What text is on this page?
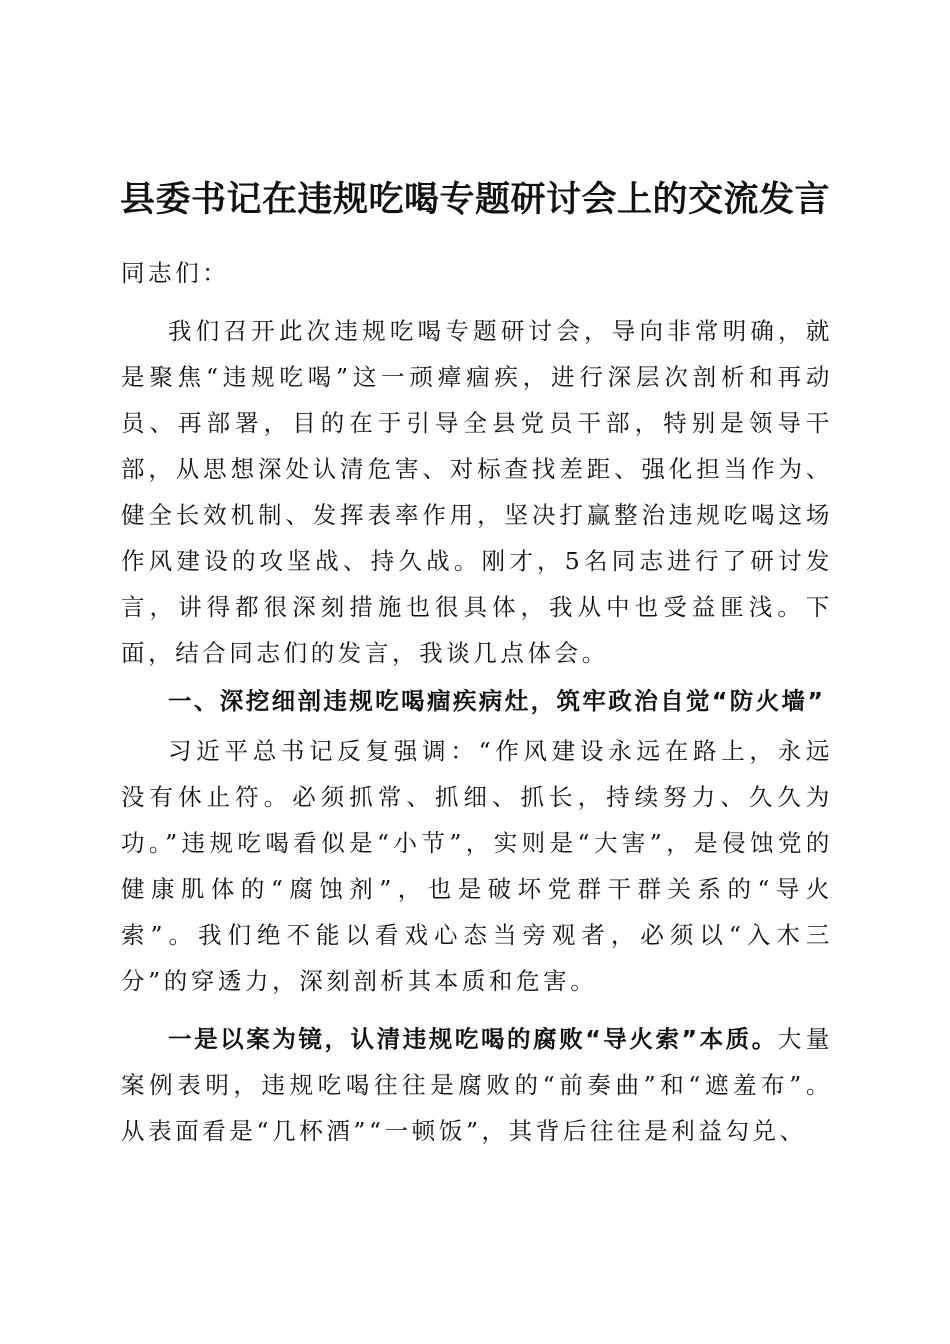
县委书记在违规吃喝专题研讨会上的交流发言

同志们：

我们召开此次违规吃喝专题研讨会，导向非常明确，就是聚焦“违规吃喝”这一顽瘴痼疾，进行深层次剖析和再动员、再部署，目的在于引导全县党员干部，特别是领导干部，从思想深处认清危害、对标查找差距、强化担当作为、健全长效机制、发挥表率作用，坚决打赢整治违规吃喝这场作风建设的攻坚战、持久战。刚才，5名同志进行了研讨发言，讲得都很深刻措施也很具体，我从中也受益匪浅。下面，结合同志们的发言，我谈几点体会。

一、深挖细剖违规吃喝痼疾病灶，筑牢政治自觉“防火墙”

习近平总书记反复强调：“作风建设永远在路上，永远没有休止符。必须抓常、抓细、抓长，持续努力、久久为功。”违规吃喝看似是“小节”，实则是“大害”，是侵蚀党的健康肌体的“腐蚀剂”，也是破坏党群干群关系的“导火索”。我们绝不能以看戏心态当旁观者，必须以“入木三分”的穿透力，深刻剖析其本质和危害。

一是以案为镜，认清违规吃喝的腐败“导火索”本质。大量案例表明，违规吃喝往往是腐败的“前奏曲”和“遮羞布”。从表面看是“几杯酒”“一顿饭”，其背后往往是利益勾兑、
